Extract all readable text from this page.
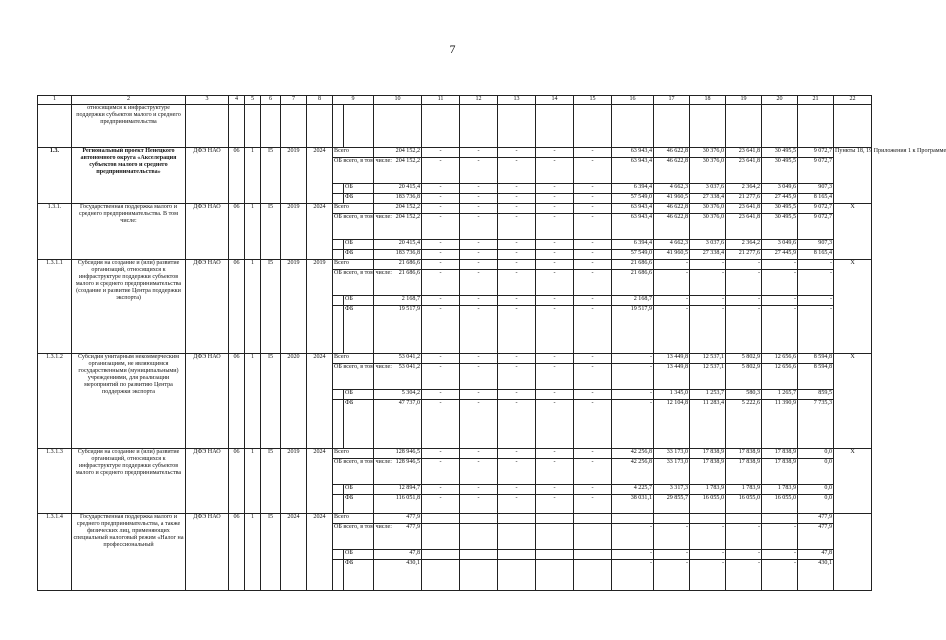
7
1	2	3	4	5	6	7	8	9		10	11	12	13	14	15	16	17	18	19	20	21	22
	относящимся к инфраструктуре поддержки субъектов малого и среднего предпринимательства																					
1.3.	Региональный проект Ненецкого автономного округа «Акселерация субъектов малого и среднего предпринимательства»	ДФЭ НАО	06	1	I5	2019	2024	Всего		204 152,2	-	-	-	-	-	63 943,4	46 622,8	30 376,0	23 641,8	30 495,5	9 072,7	Пункты 18, 19 Приложения 1 к Программе
								ОБ всего, в том числе:		204 152,2	-	-	-	-	-	63 943,4	46 622,8	30 376,0	23 641,8	30 495,5	9 072,7	
									ОБ	20 415,4	-	-	-	-	-	6 394,4	4 662,3	3 037,6	2 364,2	3 049,6	907,3	
									ФБ	183 736,8	-	-	-	-	-	57 549,0	41 960,5	27 338,4	21 277,6	27 445,9	8 165,4	
1.3.1.	Государственная поддержка малого и среднего предпринимательства. В том числе:	ДФЭ НАО	06	1	I5	2019	2024	Всего		204 152,2	-	-	-	-	-	63 943,4	46 622,8	30 376,0	23 641,8	30 495,5	9 072,7	Х
								ОБ всего, в том числе:		204 152,2	-	-	-	-	-	63 943,4	46 622,8	30 376,0	23 641,8	30 495,5	9 072,7	
									ОБ	20 415,4	-	-	-	-	-	6 394,4	4 662,3	3 037,6	2 364,2	3 049,6	907,3	
									ФБ	183 736,8	-	-	-	-	-	57 549,0	41 960,5	27 338,4	21 277,6	27 445,9	8 165,4	
1.3.1.1	Субсидия на создание и (или) развитие организаций, относящихся к инфраструктуре поддержки субъектов малого и среднего предпринимательства (создание и развитие Центра поддержки экспорта)	ДФЭ НАО	06	1	I5	2019	2019	Всего		21 686,6	-	-	-	-	-	21 686,6	-	-	-	-	-	Х
								ОБ всего, в том числе:		21 686,6	-	-	-	-	-	21 686,6	-	-	-	-	-	
									ОБ	2 168,7	-	-	-	-	-	2 168,7	-	-	-	-	-	
									ФБ	19 517,9	-	-	-	-	-	19 517,9	-	-	-	-	-	
1.3.1.2	Субсидия унитарным некоммерческим организациям, не являющимся государственными (муниципальными) учреждениями, для реализации мероприятий по развитию Центра поддержки экспорта	ДФЭ НАО	06	1	I5	2020	2024	Всего		53 041,2	-	-	-	-	-	-	13 449,8	12 537,1	5 802,9	12 656,6	8 594,8	Х
								ОБ всего, в том числе:		53 041,2	-	-	-	-	-	-	13 449,8	12 537,1	5 802,9	12 656,6	8 594,8	
									ОБ	5 304,2	-	-	-	-	-	-	1 345,0	1 253,7	580,3	1 265,7	859,5	
									ФБ	47 737,0	-	-	-	-	-	-	12 104,8	11 283,4	5 222,6	11 390,9	7 735,3	
1.3.1.3	Субсидия на создание и (или) развитие организаций, относящихся к инфраструктуре поддержки субъектов малого и среднего предпринимательства	ДФЭ НАО	06	1	I5	2019	2024	Всего		128 946,5	-	-	-	-	-	42 256,8	33 173,0	17 838,9	17 838,9	17 838,9	0,0	Х
								ОБ всего, в том числе:		128 946,5	-	-	-	-	-	42 256,8	33 173,0	17 838,9	17 838,9	17 838,9	0,0	
									ОБ	12 894,7	-	-	-	-	-	4 225,7	3 317,3	1 783,9	1 783,9	1 783,9	0,0	
									ФБ	116 051,8	-	-	-	-	-	38 031,1	29 855,7	16 055,0	16 055,0	16 055,0	0,0	
1.3.1.4	Государственная поддержка малого и среднего предпринимательства, а также физических лиц, применяющих специальный налоговый режим «Налог на профессиональный	ДФЭ НАО	06	1	I5	2024	2024	Всего		477,9											477,9	
								ОБ всего, в том числе:		477,9						-	-	-	-	-	477,9	
									ОБ	47,8						-	-	-	-	-	47,8	
									ФБ	430,1						-	-	-	-	-	430,1	
